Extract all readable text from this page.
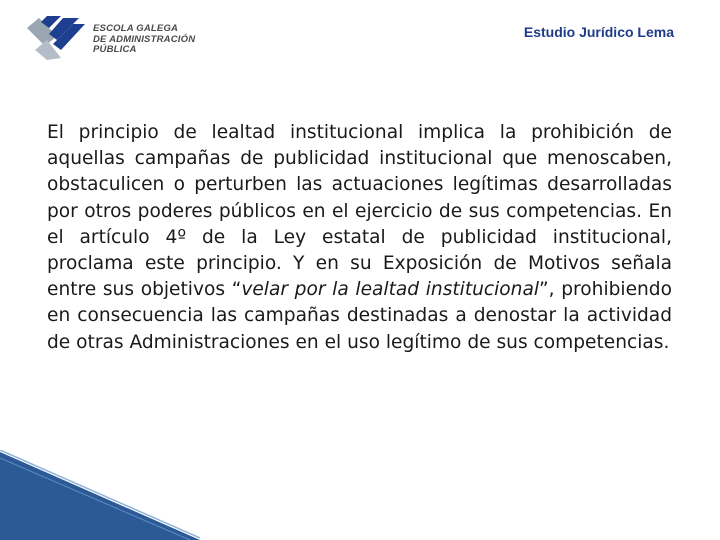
ESCOLA GALEGA
DE ADMINISTRACIÓN
PÚBLICA
Estudio Jurídico Lema
El principio de lealtad institucional implica la prohibición de aquellas campañas de publicidad institucional que menoscaben, obstaculicen o perturben las actuaciones legítimas desarrolladas por otros poderes públicos en el ejercicio de sus competencias. En el artículo 4º de la Ley estatal de publicidad institucional, proclama este principio. Y en su Exposición de Motivos señala entre sus objetivos “velar por la lealtad institucional”, prohibiendo en consecuencia las campañas destinadas a denostar la actividad de otras Administraciones en el uso legítimo de sus competencias.
